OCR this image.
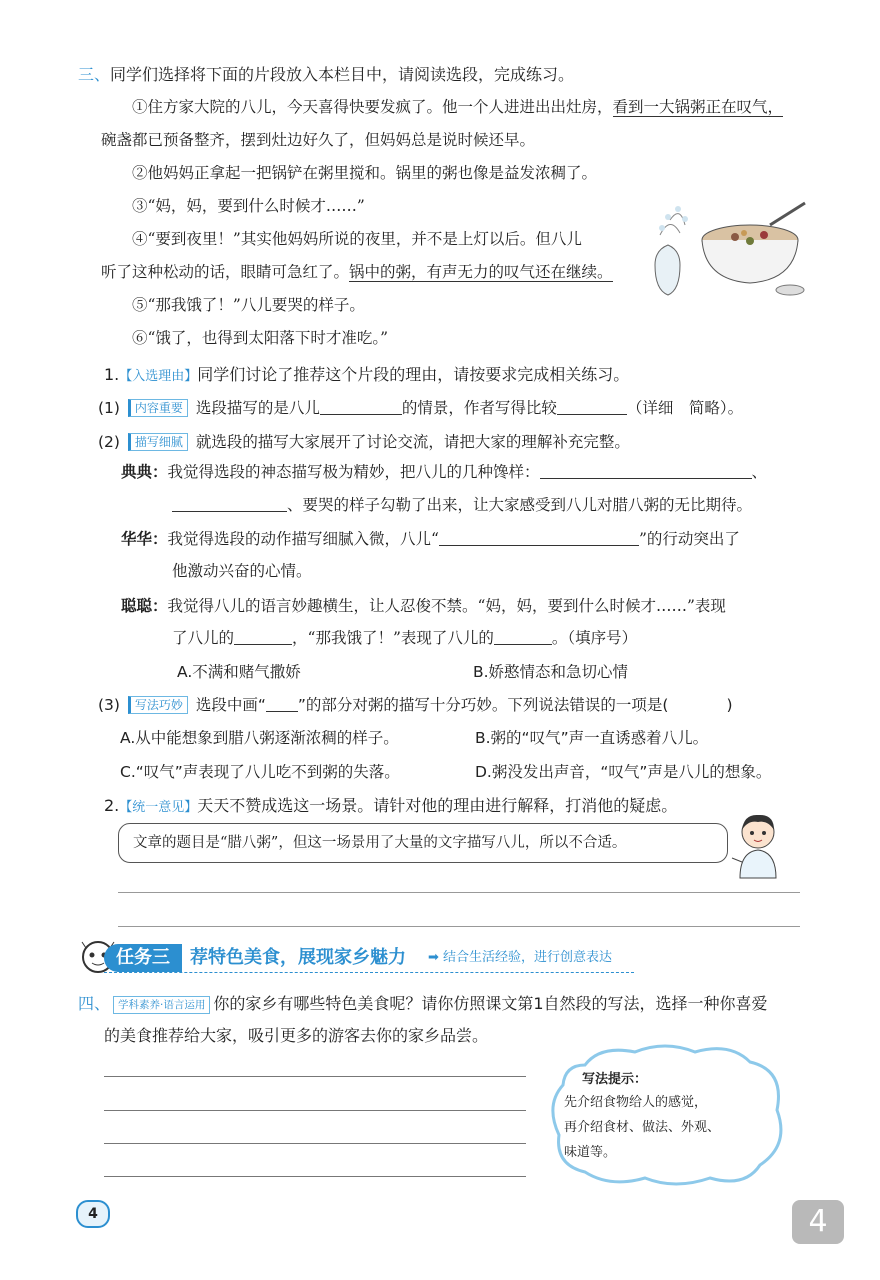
三、同学们选择将下面的片段放入本栏目中，请阅读选段，完成练习。
①住方家大院的八儿，今天喜得快要发疯了。他一个人进进出出灶房，看到一大锅粥正在叹气，
碗盏都已预备整齐，摆到灶边好久了，但妈妈总是说时候还早。
②他妈妈正拿起一把锅铲在粥里搅和。锅里的粥也像是益发浓稠了。
③“妈，妈，要到什么时候才……”
④“要到夜里！”其实他妈妈所说的夜里，并不是上灯以后。但八儿
听了这种松动的话，眼睛可急红了。锅中的粥，有声无力的叹气还在继续。
⑤“那我饿了！”八儿要哭的样子。
⑥“饿了，也得到太阳落下时才准吃。”
1.【入选理由】同学们讨论了推荐这个片段的理由，请按要求完成相关练习。
(1) 内容重要 选段描写的是八儿	的情景，作者写得比较	（详细　简略）。
(2) 描写细腻 就选段的描写大家展开了讨论交流，请把大家的理解补充完整。
典典：我觉得选段的神态描写极为精妙，把八儿的几种馋样：	、
、要哭的样子勾勒了出来，让大家感受到八儿对腊八粥的无比期待。
华华：我觉得选段的动作描写细腻入微，八儿“	”的行动突出了
他激动兴奋的心情。
聪聪：我觉得八儿的语言妙趣横生，让人忍俊不禁。“妈，妈，要到什么时候才……”表现
了八儿的	，“那我饿了！”表现了八儿的	。（填序号）
A.不满和赌气撒娇	B.娇憨情态和急切心情
(3) 写法巧妙 选段中画“ ”的部分对粥的描写十分巧妙。下列说法错误的一项是(	)
A.从中能想象到腊八粥逐渐浓稠的样子。	B.粥的“叹气”声一直诱惑着八儿。
C.“叹气”声表现了八儿吃不到粥的失落。	D.粥没发出声音，“叹气”声是八儿的想象。
2.【统一意见】天天不赞成选这一场景。请针对他的理由进行解释，打消他的疑虑。
文章的题目是“腊八粥”，但这一场景用了大量的文字描写八儿，所以不合适。
任务三	荐特色美食，展现家乡魅力 ➡ 结合生活经验，进行创意表达
四、 学科素养·语言运用 你的家乡有哪些特色美食呢？请你仿照课文第1自然段的写法，选择一种你喜爱
的美食推荐给大家，吸引更多的游客去你的家乡品尝。
写法提示：
先介绍食物给人的感觉，
再介绍食材、做法、外观、
味道等。
4	4
